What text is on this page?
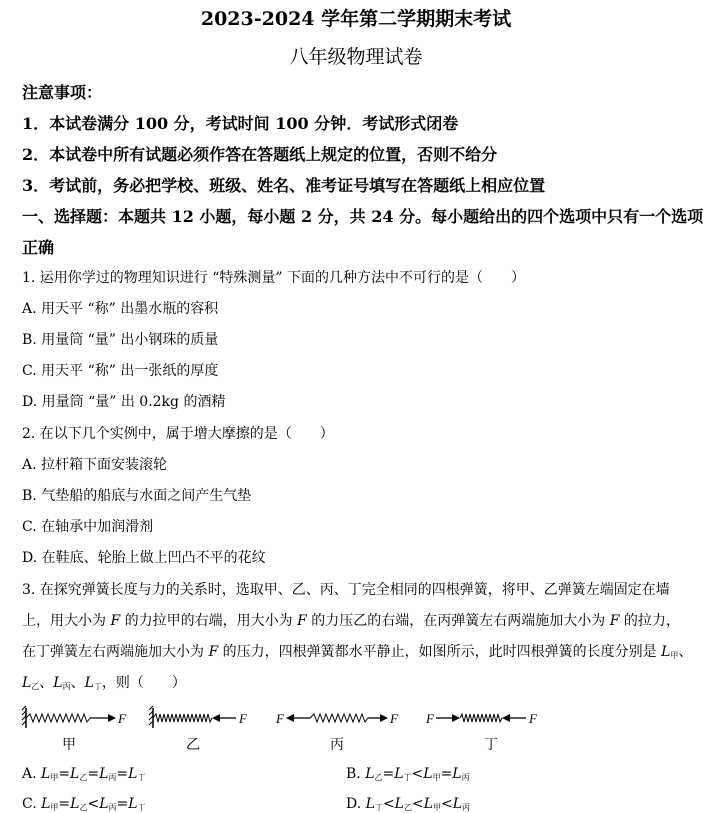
2023-2024 学年第二学期期末考试
八年级物理试卷
注意事项：
1．本试卷满分 100 分，考试时间 100 分钟．考试形式闭卷
2．本试卷中所有试题必须作答在答题纸上规定的位置，否则不给分
3．考试前，务必把学校、班级、姓名、准考证号填写在答题纸上相应位置
一、选择题：本题共 12 小题，每小题 2 分，共 24 分。每小题给出的四个选项中只有一个选项
正确
1. 运用你学过的物理知识进行 “特殊测量” 下面的几种方法中不可行的是（　　）
A. 用天平 “称” 出墨水瓶的容积
B. 用量筒 “量” 出小钢珠的质量
C. 用天平 “称” 出一张纸的厚度
D. 用量筒 “量” 出 0.2kg 的酒精
2. 在以下几个实例中，属于增大摩擦的是（　　）
A. 拉杆箱下面安装滚轮
B. 气垫船的船底与水面之间产生气垫
C. 在轴承中加润滑剂
D. 在鞋底、轮胎上做上凹凸不平的花纹
3. 在探究弹簧长度与力的关系时，选取甲、乙、丙、丁完全相同的四根弹簧，将甲、乙弹簧左端固定在墙
上，用大小为 F 的力拉甲的右端，用大小为 F 的力压乙的右端，在丙弹簧左右两端施加大小为 F 的拉力，
在丁弹簧左右两端施加大小为 F 的压力，四根弹簧都水平静止，如图所示，此时四根弹簧的长度分别是 $L_甲$、
$L_乙$、$L_丙$、$L_丁$，则（　　）
F	F F	F F	F
甲	乙	丙	丁
A. $L_甲=L_乙=L_丙=L_丁$	B. $L_乙=L_丁<L_甲=L_丙$
C. $L_甲=L_乙<L_丙=L_丁$	D. $L_丁<L_乙<L_甲<L_丙$
